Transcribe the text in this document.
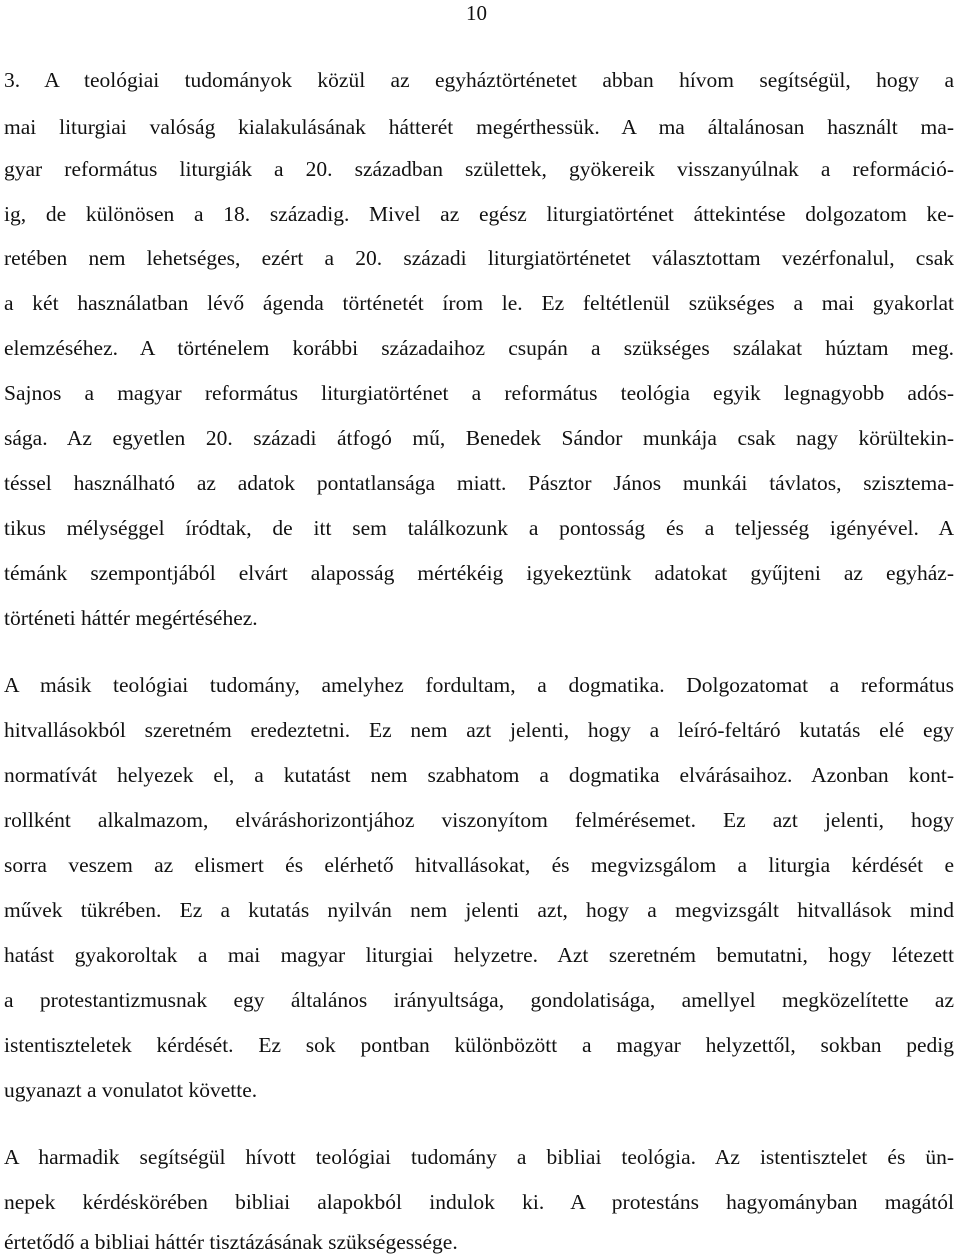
10
3. A teológiai tudományok közül az egyháztörténetet abban hívom segítségül, hogy a
mai liturgiai valóság kialakulásának hátterét megérthessük. A ma általánosan használt ma-
gyar református liturgiák a 20. században születtek, gyökereik visszanyúlnak a reformáció-
ig, de különösen a 18. századig. Mivel az egész liturgiatörténet áttekintése dolgozatom ke-
retében nem lehetséges, ezért a 20. századi liturgiatörténetet választottam vezérfonalul, csak
a két használatban lévő ágenda történetét írom le. Ez feltétlenül szükséges a mai gyakorlat
elemzéséhez. A történelem korábbi századaihoz csupán a szükséges szálakat húztam meg.
Sajnos a magyar református liturgiatörténet a református teológia egyik legnagyobb adós-
sága. Az egyetlen 20. századi átfogó mű, Benedek Sándor munkája csak nagy körültekin-
téssel használható az adatok pontatlansága miatt. Pásztor János munkái távlatos, szisztema-
tikus mélységgel íródtak, de itt sem találkozunk a pontosság és a teljesség igényével. A
témánk szempontjából elvárt alaposság mértékéig igyekeztünk adatokat gyűjteni az egyház-
történeti háttér megértéséhez.
A másik teológiai tudomány, amelyhez fordultam, a dogmatika. Dolgozatomat a református
hitvallásokból szeretném eredeztetni. Ez nem azt jelenti, hogy a leíró-feltáró kutatás elé egy
normatívát helyezek el, a kutatást nem szabhatom a dogmatika elvárásaihoz. Azonban kont-
rollként alkalmazom, elváráshorizontjához viszonyítom felmérésemet. Ez azt jelenti, hogy
sorra veszem az elismert és elérhető hitvallásokat, és megvizsgálom a liturgia kérdését e
művek tükrében. Ez a kutatás nyilván nem jelenti azt, hogy a megvizsgált hitvallások mind
hatást gyakoroltak a mai magyar liturgiai helyzetre. Azt szeretném bemutatni, hogy létezett
a protestantizmusnak egy általános irányultsága, gondolatisága, amellyel megközelítette az
istentiszteletek kérdését. Ez sok pontban különbözött a magyar helyzettől, sokban pedig
ugyanazt a vonulatot követte.
A harmadik segítségül hívott teológiai tudomány a bibliai teológia. Az istentisztelet és ün-
nepek kérdéskörében bibliai alapokból indulok ki. A protestáns hagyományban magától
értetődő a bibliai háttér tisztázásának szükségessége.
